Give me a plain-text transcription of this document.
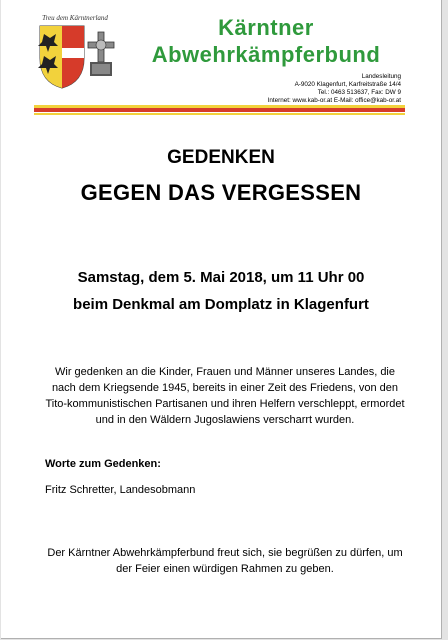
Treu dem Kärntnerland	Kärntner
Abwehrkämpferbund
Landesleitung
A-9020 Klagenfurt, Karfreitstraße 14/4
Tel.: 0463 513637, Fax: DW 9
Internet: www.kab-or.at E-Mail: office@kab-or.at
GEDENKEN
GEGEN DAS VERGESSEN
Samstag, dem 5. Mai 2018, um 11 Uhr 00
beim Denkmal am Domplatz in Klagenfurt
Wir gedenken an die Kinder, Frauen und Männer unseres Landes, die nach dem Kriegsende 1945, bereits in einer Zeit des Friedens, von den Tito-kommunistischen Partisanen und ihren Helfern verschleppt, ermordet und in den Wäldern Jugoslawiens verscharrt wurden.
Worte zum Gedenken:
Fritz Schretter, Landesobmann
Der Kärntner Abwehrkämpferbund freut sich, sie begrüßen zu dürfen, um der Feier einen würdigen Rahmen zu geben.
